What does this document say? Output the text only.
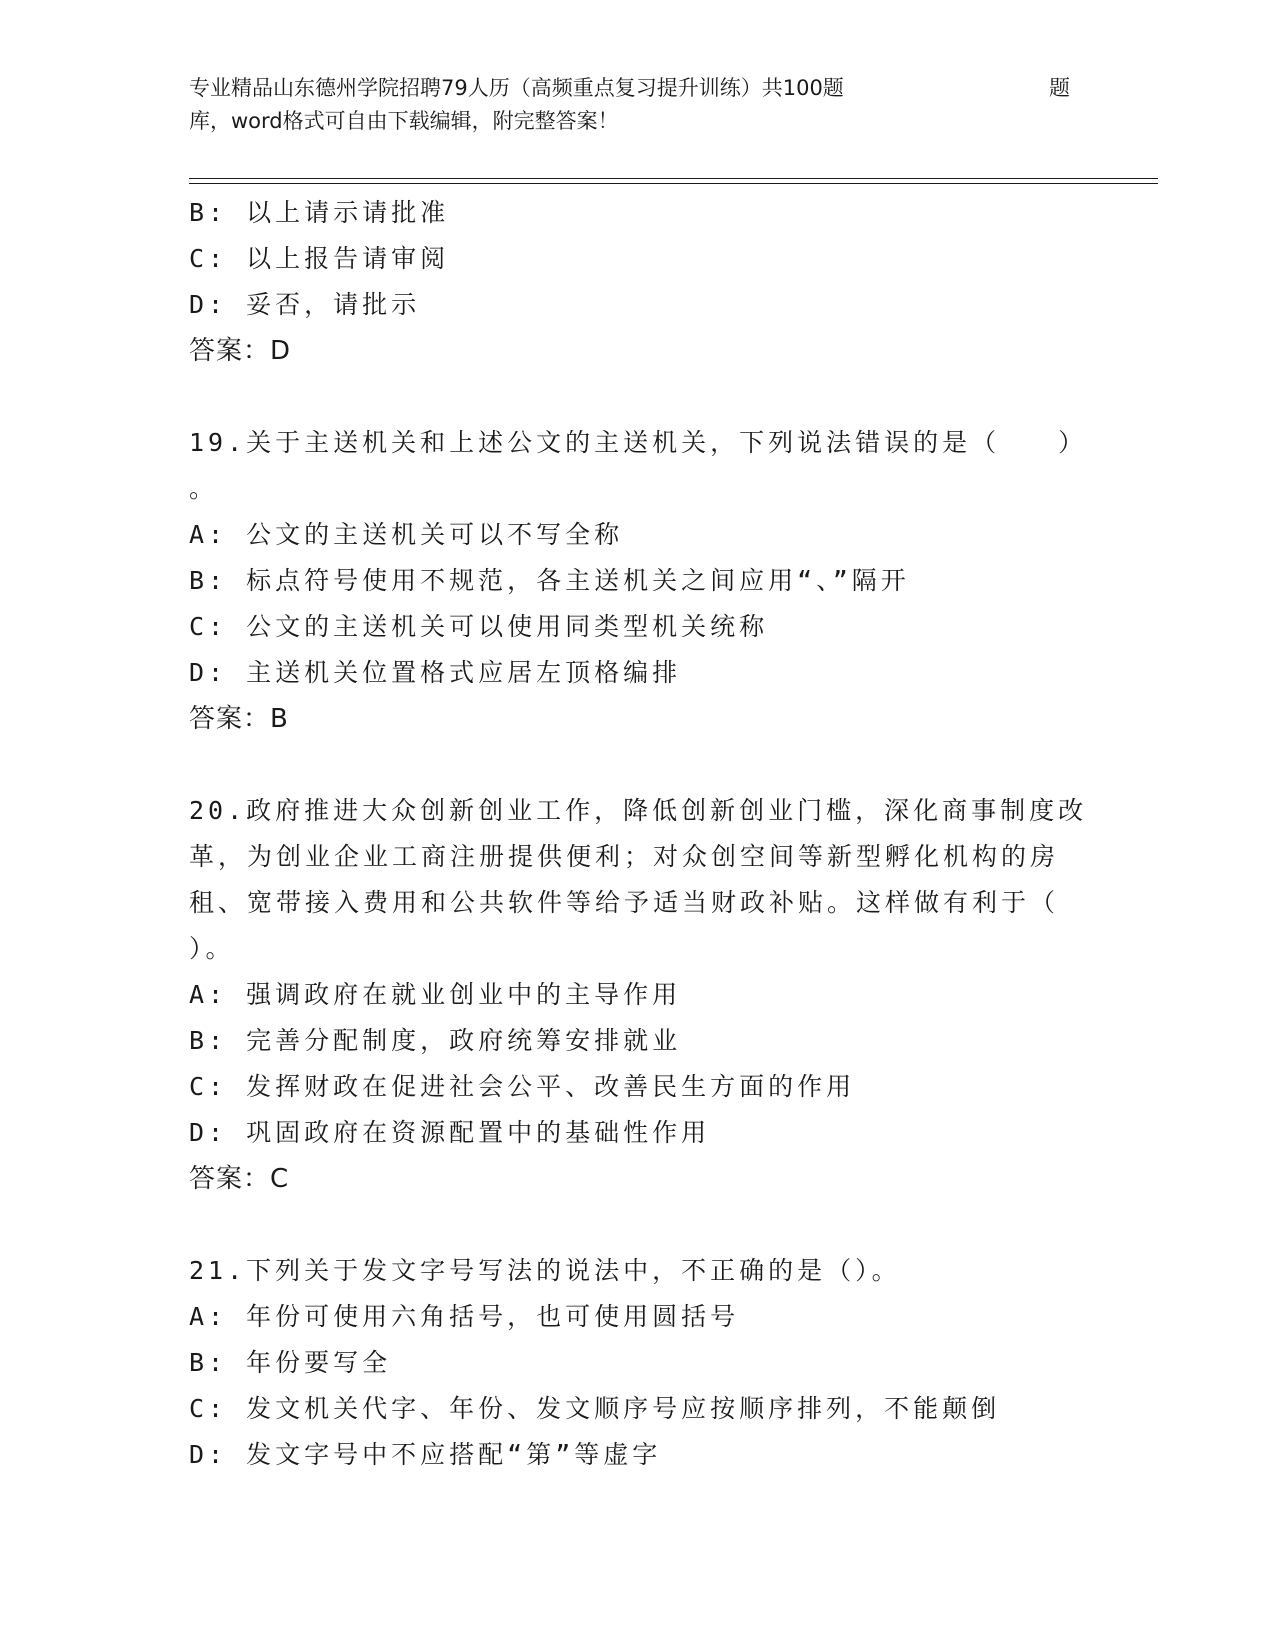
专业精品山东德州学院招聘79人历（高频重点复习提升训练）共100题
库，word格式可自由下载编辑，附完整答案！
题
B: 以上请示请批准
C: 以上报告请审阅
D: 妥否，请批示
答案：D
19.关于主送机关和上述公文的主送机关，下列说法错误的是（　　）
。
A: 公文的主送机关可以不写全称
B: 标点符号使用不规范，各主送机关之间应用“、”隔开
C: 公文的主送机关可以使用同类型机关统称
D: 主送机关位置格式应居左顶格编排
答案：B
20.政府推进大众创新创业工作，降低创新创业门槛，深化商事制度改
革，为创业企业工商注册提供便利；对众创空间等新型孵化机构的房
租、宽带接入费用和公共软件等给予适当财政补贴。这样做有利于（
）。
A: 强调政府在就业创业中的主导作用
B: 完善分配制度，政府统筹安排就业
C: 发挥财政在促进社会公平、改善民生方面的作用
D: 巩固政府在资源配置中的基础性作用
答案：C
21.下列关于发文字号写法的说法中，不正确的是（）。
A: 年份可使用六角括号，也可使用圆括号
B: 年份要写全
C: 发文机关代字、年份、发文顺序号应按顺序排列，不能颠倒
D: 发文字号中不应搭配“第”等虚字
